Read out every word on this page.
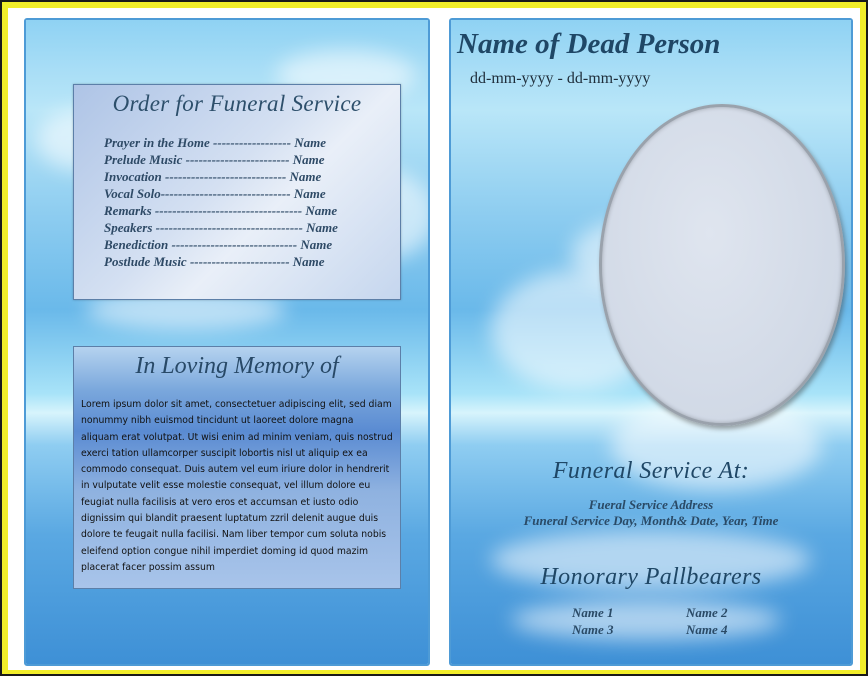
Order for Funeral Service
Prayer in the Home ------------------ Name
Prelude Music ------------------------ Name
Invocation ---------------------------- Name
Vocal Solo------------------------------ Name
Remarks ---------------------------------- Name
Speakers ---------------------------------- Name
Benediction ----------------------------- Name
Postlude Music ----------------------- Name
In Loving Memory of
Lorem ipsum dolor sit amet, consectetuer adipiscing elit, sed diam nonummy nibh euismod tincidunt ut laoreet dolore magna aliquam erat volutpat. Ut wisi enim ad minim veniam, quis nostrud exerci tation ullamcorper suscipit lobortis nisl ut aliquip ex ea commodo consequat. Duis autem vel eum iriure dolor in hendrerit in vulputate velit esse molestie consequat, vel illum dolore eu feugiat nulla facilisis at vero eros et accumsan et iusto odio dignissim qui blandit praesent luptatum zzril delenit augue duis dolore te feugait nulla facilisi. Nam liber tempor cum soluta nobis eleifend option congue nihil imperdiet doming id quod mazim placerat facer possim assum
Name of Dead Person
dd-mm-yyyy - dd-mm-yyyy
Funeral Service At:
Fueral Service Address
Funeral Service Day, Month& Date, Year, Time
Honorary Pallbearers
Name 1	Name 2
Name 3	Name 4
